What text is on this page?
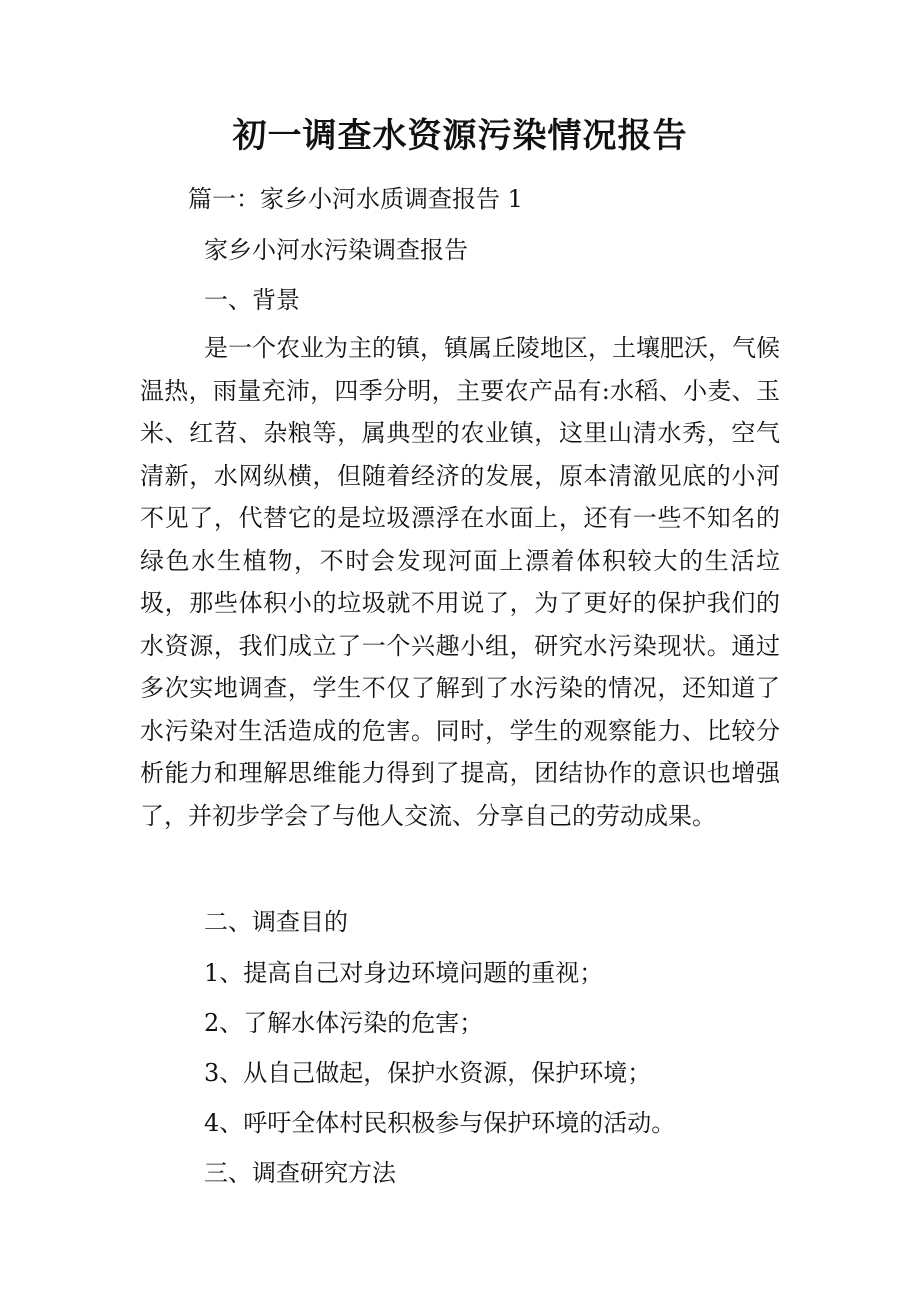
初一调查水资源污染情况报告

篇一：家乡小河水质调查报告 1

家乡小河水污染调查报告

一、背景

是一个农业为主的镇，镇属丘陵地区，土壤肥沃，气候温热，雨量充沛，四季分明，主要农产品有:水稻、小麦、玉米、红苕、杂粮等，属典型的农业镇，这里山清水秀，空气清新，水网纵横，但随着经济的发展，原本清澈见底的小河不见了，代替它的是垃圾漂浮在水面上，还有一些不知名的绿色水生植物，不时会发现河面上漂着体积较大的生活垃圾，那些体积小的垃圾就不用说了，为了更好的保护我们的水资源，我们成立了一个兴趣小组，研究水污染现状。通过多次实地调查，学生不仅了解到了水污染的情况，还知道了水污染对生活造成的危害。同时，学生的观察能力、比较分析能力和理解思维能力得到了提高，团结协作的意识也增强了，并初步学会了与他人交流、分享自己的劳动成果。

二、调查目的

1、提高自己对身边环境问题的重视；

2、了解水体污染的危害；

3、从自己做起，保护水资源，保护环境；

4、呼吁全体村民积极参与保护环境的活动。

三、调查研究方法
